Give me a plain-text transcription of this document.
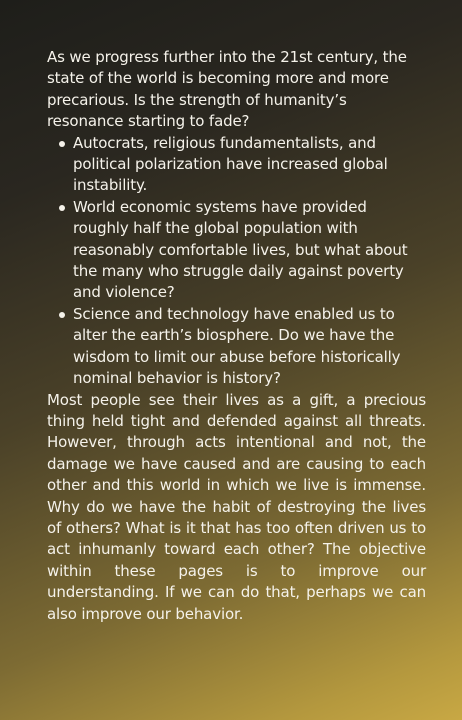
As we progress further into the 21st century, the state of the world is becoming more and more precarious. Is the strength of humanity’s resonance starting to fade?

Autocrats, religious fundamentalists, and political polarization have increased global instability.
World economic systems have provided roughly half the global population with reasonably comfortable lives, but what about the many who struggle daily against poverty and violence?
Science and technology have enabled us to alter the earth’s biosphere. Do we have the wisdom to limit our abuse before historically nominal behavior is history?

Most people see their lives as a gift, a precious thing held tight and defended against all threats. However, through acts intentional and not, the damage we have caused and are causing to each other and this world in which we live is immense. Why do we have the habit of destroying the lives of others? What is it that has too often driven us to act inhumanly toward each other? The objective within these pages is to improve our understanding. If we can do that, perhaps we can also improve our behavior.
